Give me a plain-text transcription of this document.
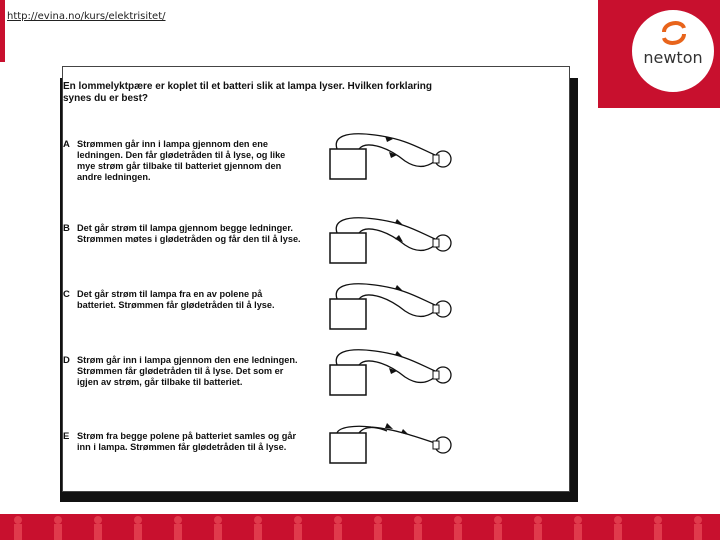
http://evina.no/kurs/elektrisitet/
newton
En lommelyktpære er koplet til et batteri slik at lampa lyser. Hvilken forklaring synes du er best?
A Strømmen går inn i lampa gjennom den ene ledningen. Den får glødetråden til å lyse, og like mye strøm går tilbake til batteriet gjennom den andre ledningen.
B Det går strøm til lampa gjennom begge ledninger. Strømmen møtes i glødetråden og får den til å lyse.
C Det går strøm til lampa fra en av polene på batteriet. Strømmen får glødetråden til å lyse.
D Strøm går inn i lampa gjennom den ene ledningen. Strømmen får glødetråden til å lyse. Det som er igjen av strøm, går tilbake til batteriet.
E Strøm fra begge polene på batteriet samles og går inn i lampa. Strømmen får glødetråden til å lyse.
